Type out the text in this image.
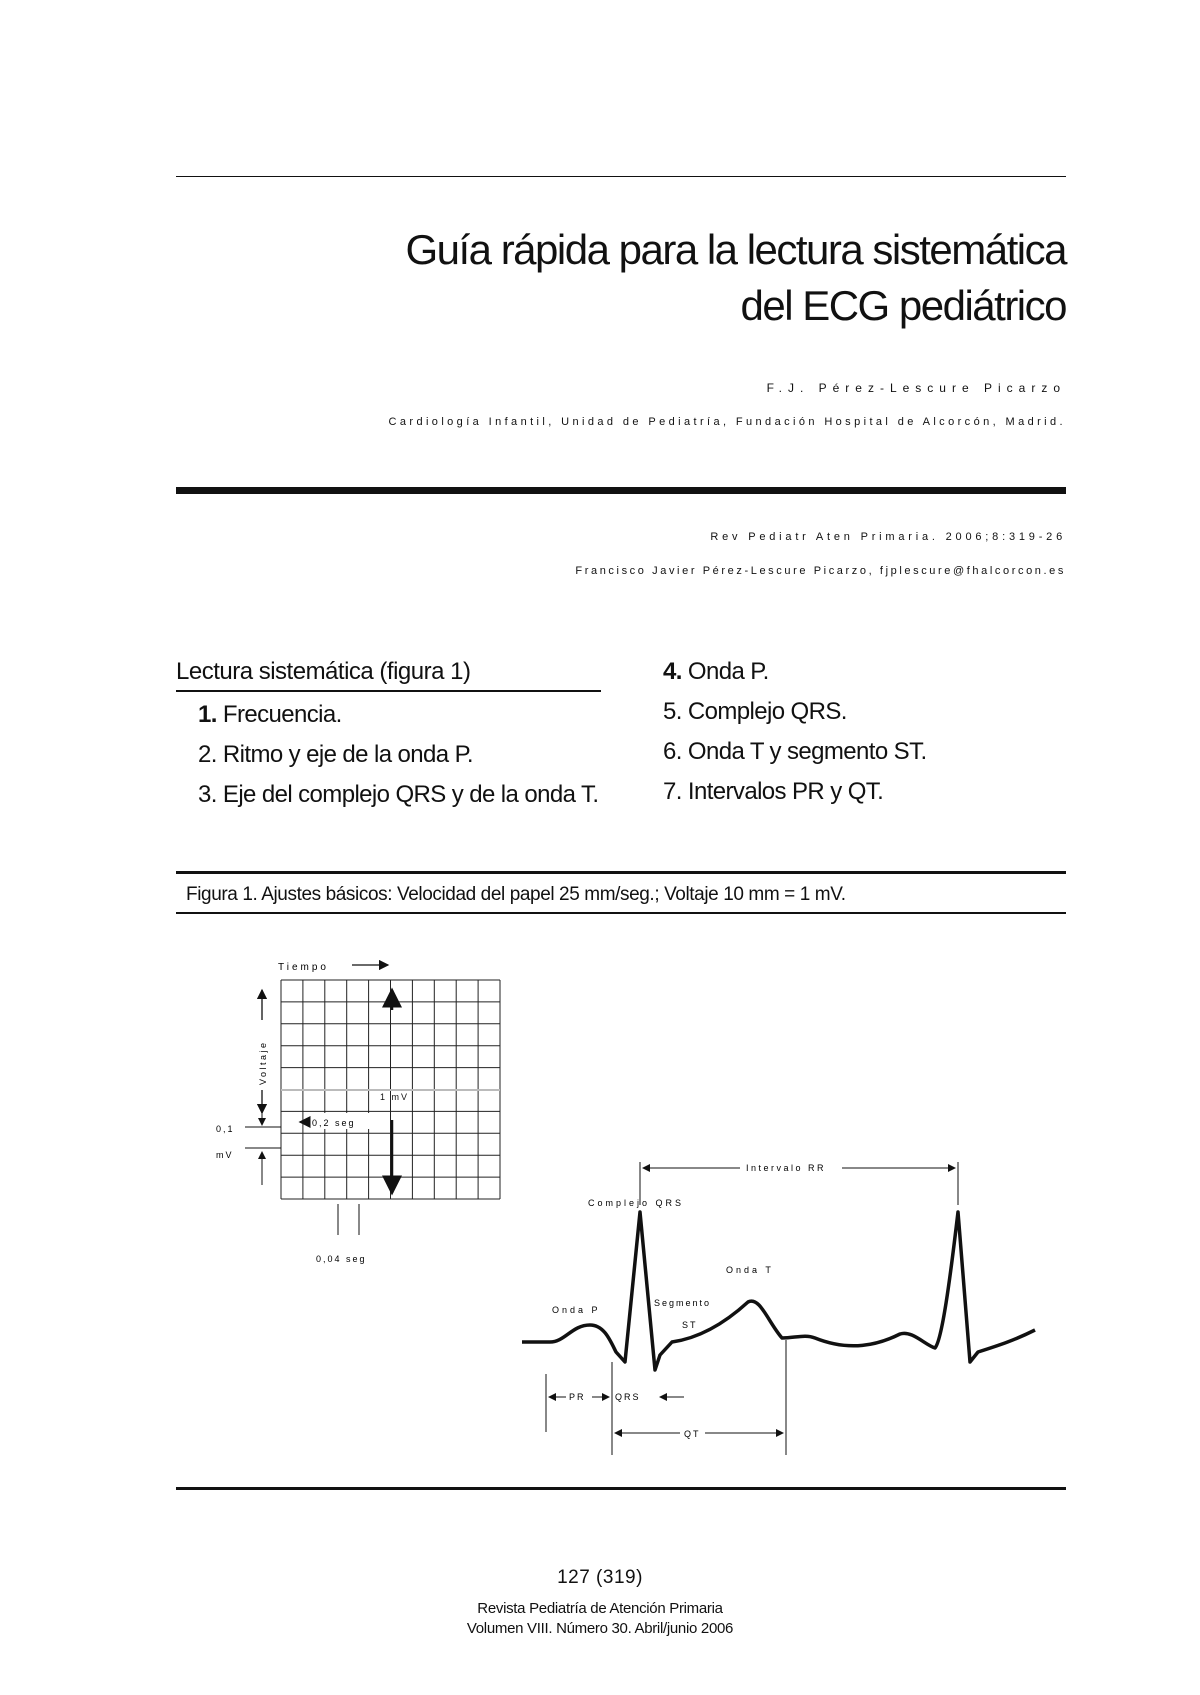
Guía rápida para la lectura sistemática
del ECG pediátrico
F.J. Pérez-Lescure Picarzo
Cardiología Infantil, Unidad de Pediatría, Fundación Hospital de Alcorcón, Madrid.
Rev Pediatr Aten Primaria. 2006;8:319-26
Francisco Javier Pérez-Lescure Picarzo, fjplescure@fhalcorcon.es
Lectura sistemática (figura 1)
1. Frecuencia.
2. Ritmo y eje de la onda P.
3. Eje del complejo QRS y de la onda T.
4. Onda P.
5. Complejo QRS.
6. Onda T y segmento ST.
7. Intervalos PR y QT.
Figura 1. Ajustes básicos: Velocidad del papel 25 mm/seg.; Voltaje 10 mm = 1 mV.
Tiempo
Voltaje
1 mV
0,2 seg
0,1
mV
0,04 seg
Intervalo RR
Complejo QRS
Onda T
Onda P
Segmento
ST
PR	QRS
QT
127 (319)
Revista Pediatría de Atención Primaria
Volumen VIII. Número 30. Abril/junio 2006
